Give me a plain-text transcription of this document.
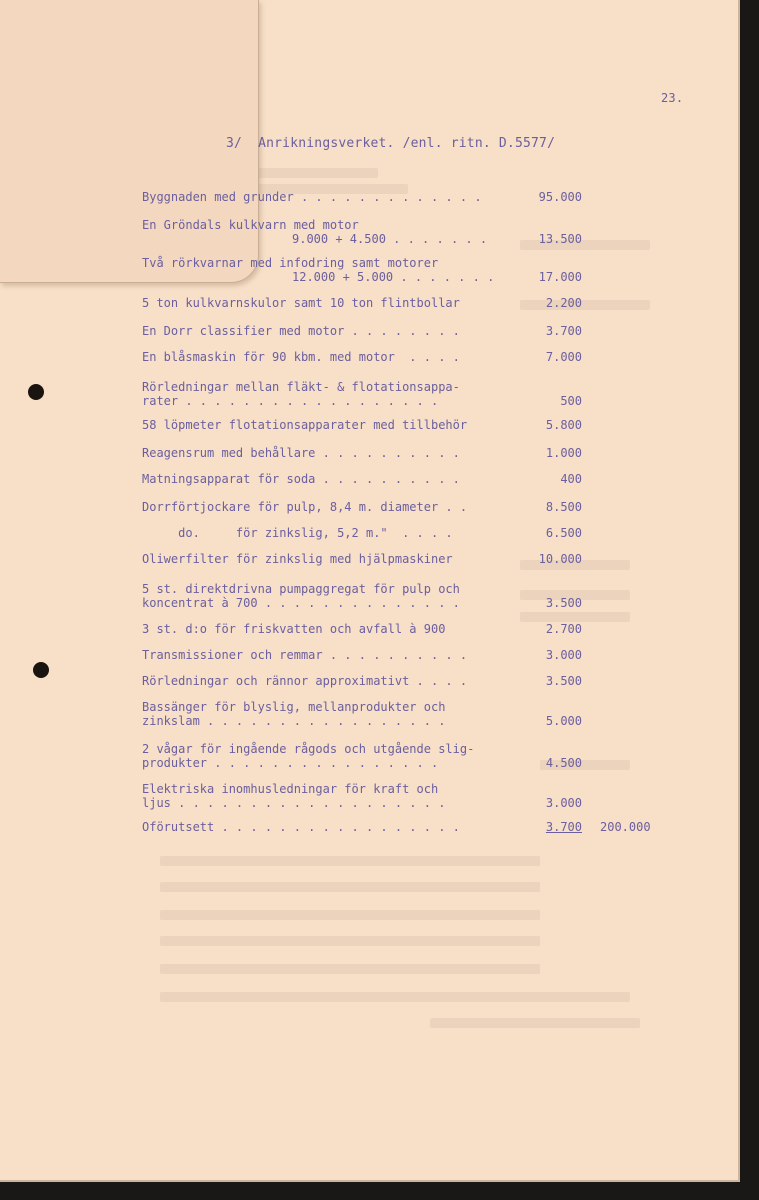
23.
3/  Anrikningsverket. /enl. ritn. D.5577/
Byggnaden med grunder . . . . . . . . . . . . .	95.000
En Gröndals kulkvarn med motor
9.000 + 4.500 . . . . . . .	13.500
Två rörkvarnar med infodring samt motorer
12.000 + 5.000 . . . . . . .	17.000
5 ton kulkvarnskulor samt 10 ton flintbollar	2.200
En Dorr classifier med motor . . . . . . . .	3.700
En blåsmaskin för 90 kbm. med motor  . . . .	7.000
Rörledningar mellan fläkt- & flotationsappa-
rater . . . . . . . . . . . . . . . . . .	500
58 löpmeter flotationsapparater med tillbehör	5.800
Reagensrum med behållare . . . . . . . . . .	1.000
Matningsapparat för soda . . . . . . . . . .	400
Dorrförtjockare för pulp, 8,4 m. diameter . .	8.500
do.     för zinkslig, 5,2 m."  . . . .	6.500
Oliwerfilter för zinkslig med hjälpmaskiner	10.000
5 st. direktdrivna pumpaggregat för pulp och
koncentrat à 700 . . . . . . . . . . . . . .	3.500
3 st. d:o för friskvatten och avfall à 900	2.700
Transmissioner och remmar . . . . . . . . . .	3.000
Rörledningar och rännor approximativt . . . .	3.500
Bassänger för blyslig, mellanprodukter och
zinkslam . . . . . . . . . . . . . . . . .	5.000
2 vågar för ingående rågods och utgående slig-
produkter . . . . . . . . . . . . . . . .	4.500
Elektriska inomhusledningar för kraft och
ljus . . . . . . . . . . . . . . . . . . .	3.000
Oförutsett . . . . . . . . . . . . . . . . .	3.700 200.000
